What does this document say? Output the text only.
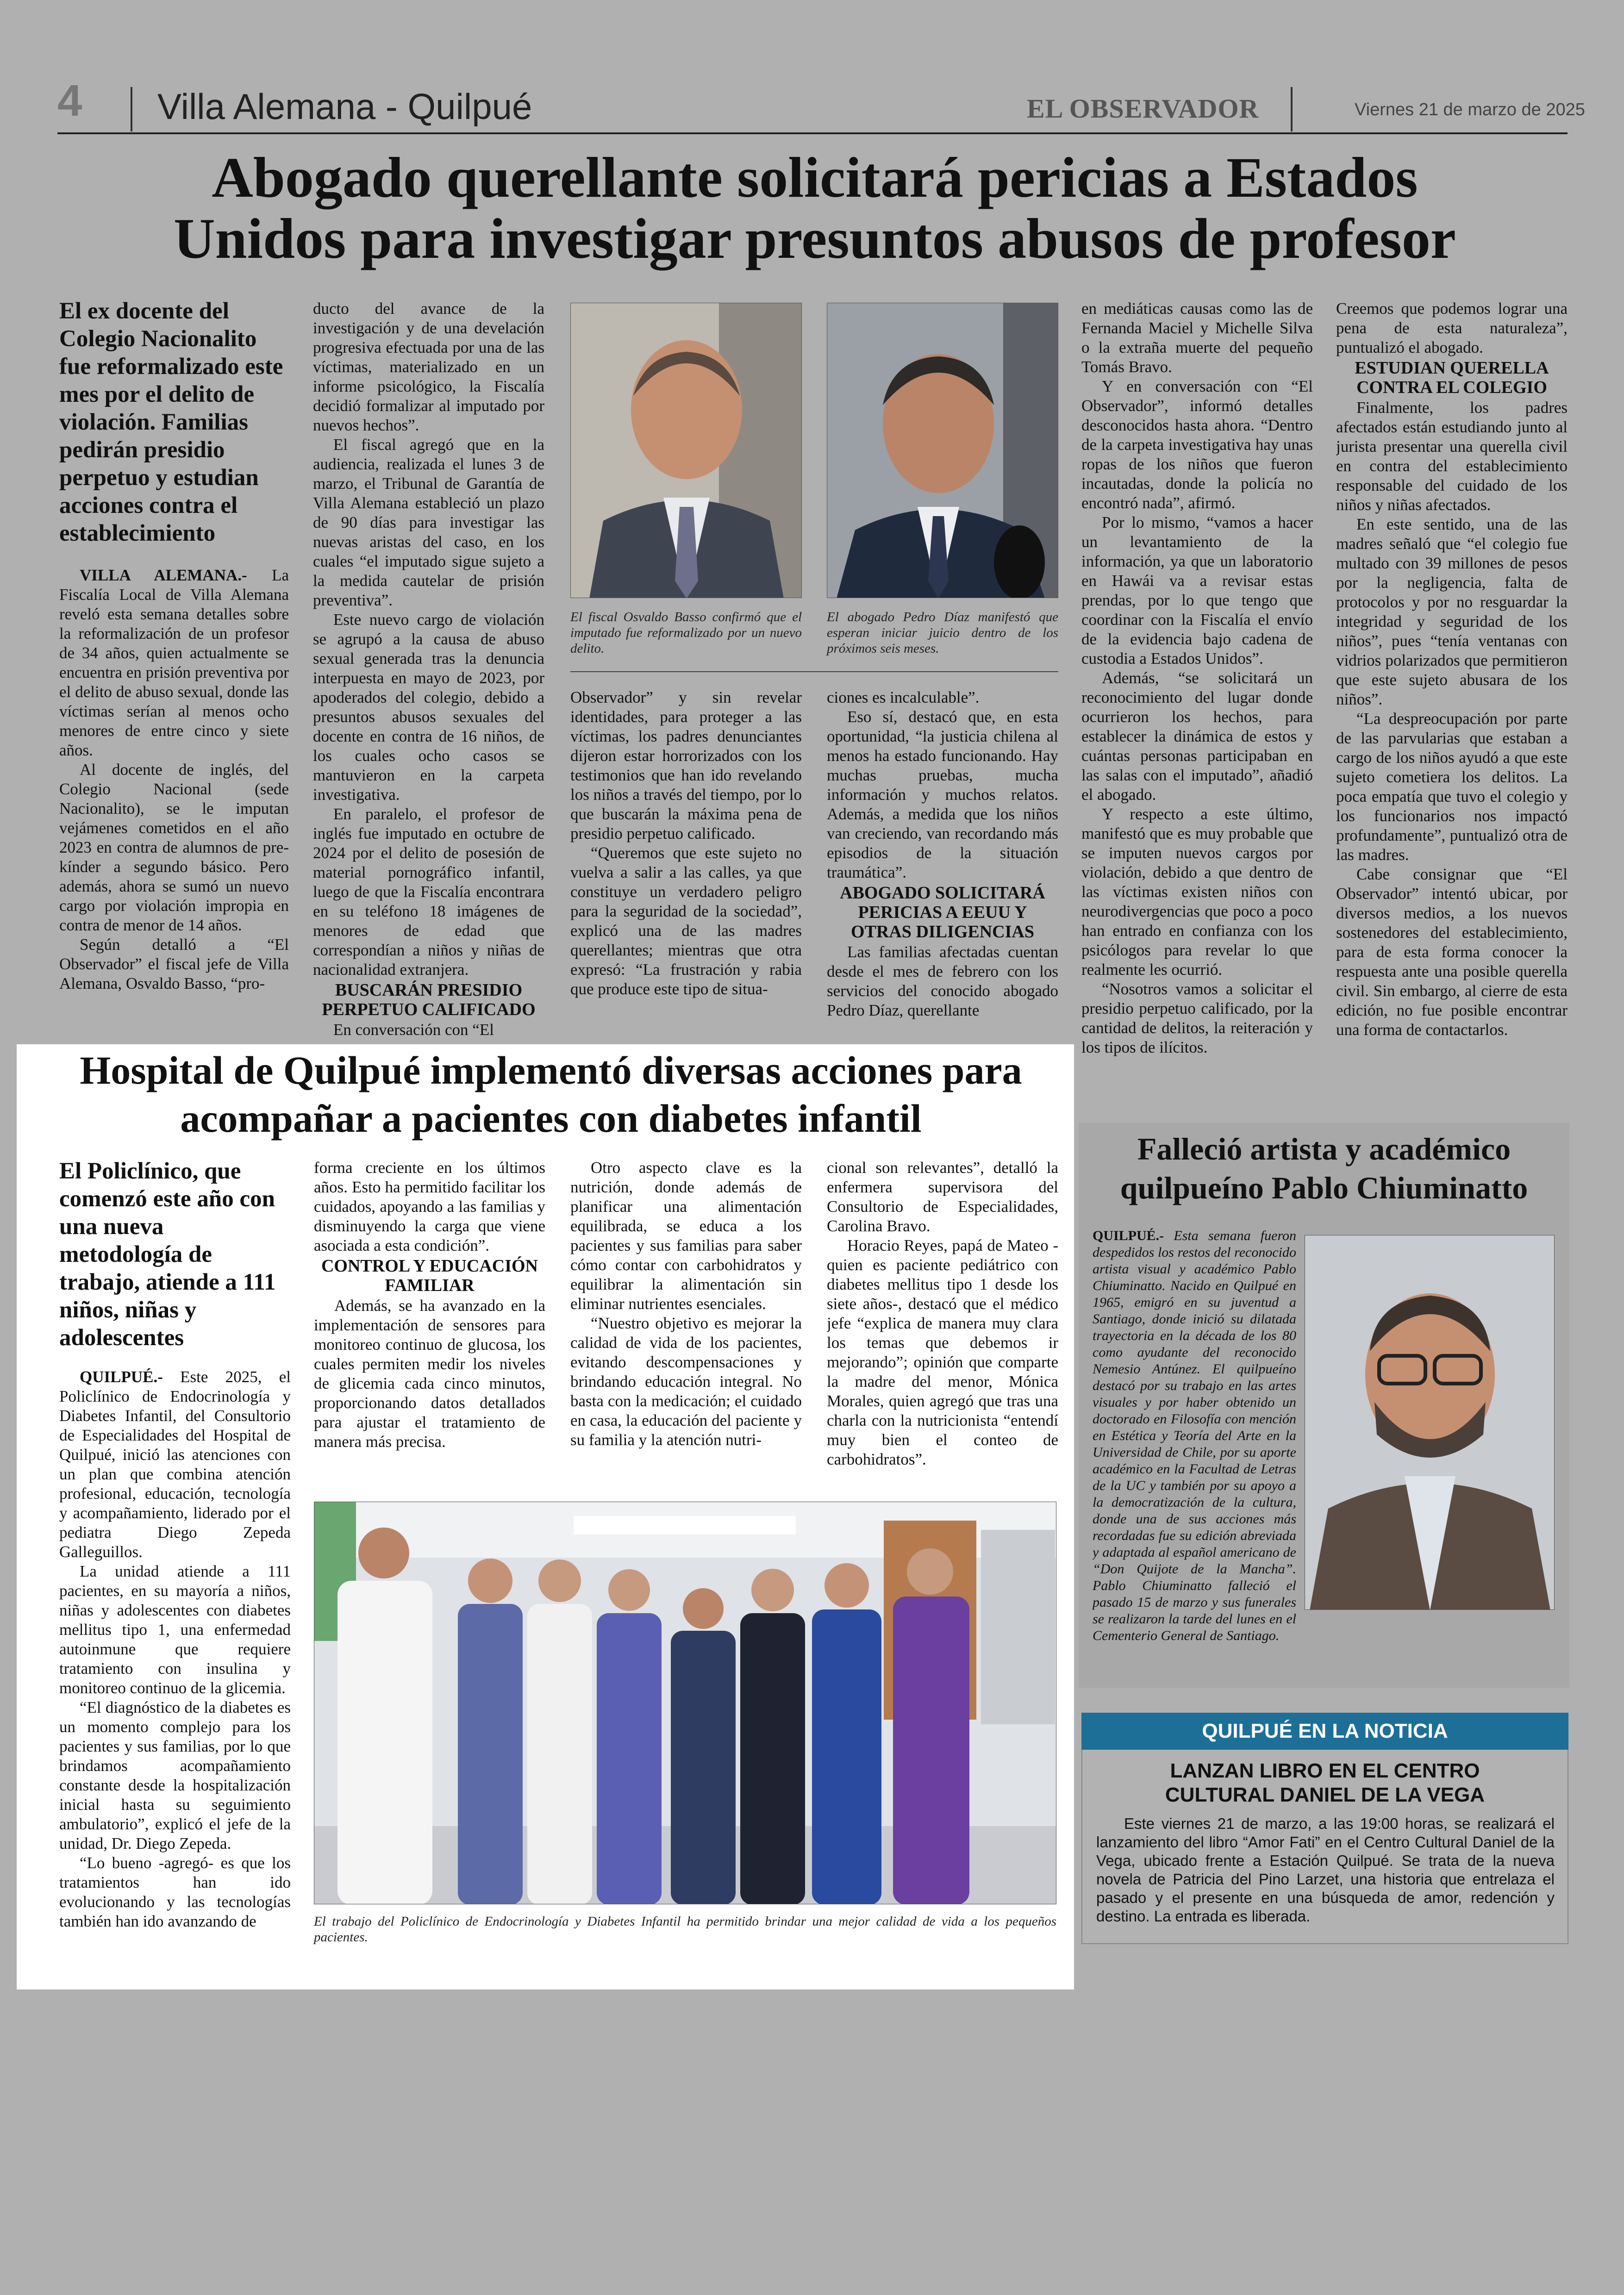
4 Villa Alemana - Quilpué	EL OBSERVADOR	Viernes 21 de marzo de 2025
Abogado querellante solicitará pericias a Estados Unidos para investigar presuntos abusos de profesor
El ex docente del Colegio Nacionalito fue reformalizado este mes por el delito de violación. Familias pedirán presidio perpetuo y estudian acciones contra el establecimiento

VILLA ALEMANA.- La Fiscalía Local de Villa Alemana reveló esta semana detalles sobre la reformalización de un profesor de 34 años, quien actualmente se encuentra en prisión preventiva por el delito de abuso sexual, donde las víctimas serían al menos ocho menores de entre cinco y siete años.

Al docente de inglés, del Colegio Nacional (sede Nacionalito), se le imputan vejámenes cometidos en el año 2023 en contra de alumnos de pre-kínder a segundo básico. Pero además, ahora se sumó un nuevo cargo por violación impropia en contra de menor de 14 años.

Según detalló a “El Observador” el fiscal jefe de Villa Alemana, Osvaldo Basso, “pro-

ducto del avance de la investigación y de una develación progresiva efectuada por una de las víctimas, materializado en un informe psicológico, la Fiscalía decidió formalizar al imputado por nuevos hechos”.

El fiscal agregó que en la audiencia, realizada el lunes 3 de marzo, el Tribunal de Garantía de Villa Alemana estableció un plazo de 90 días para investigar las nuevas aristas del caso, en los cuales “el imputado sigue sujeto a la medida cautelar de prisión preventiva”.

Este nuevo cargo de violación se agrupó a la causa de abuso sexual generada tras la denuncia interpuesta en mayo de 2023, por apoderados del colegio, debido a presuntos abusos sexuales del docente en contra de 16 niños, de los cuales ocho casos se mantuvieron en la carpeta investigativa.

En paralelo, el profesor de inglés fue imputado en octubre de 2024 por el delito de posesión de material pornográfico infantil, luego de que la Fiscalía encontrara en su teléfono 18 imágenes de menores de edad que correspondían a niños y niñas de nacionalidad extranjera.

BUSCARÁN PRESIDIO PERPETUO CALIFICADO

En conversación con “El

El fiscal Osvaldo Basso confirmó que el imputado fue reformalizado por un nuevo delito.
El abogado Pedro Díaz manifestó que esperan iniciar juicio dentro de los próximos seis meses.

Observador” y sin revelar identidades, para proteger a las víctimas, los padres denunciantes dijeron estar horrorizados con los testimonios que han ido revelando los niños a través del tiempo, por lo que buscarán la máxima pena de presidio perpetuo calificado.

“Queremos que este sujeto no vuelva a salir a las calles, ya que constituye un verdadero peligro para la seguridad de la sociedad”, explicó una de las madres querellantes; mientras que otra expresó: “La frustración y rabia que produce este tipo de situa-

ciones es incalculable”.

Eso sí, destacó que, en esta oportunidad, “la justicia chilena al menos ha estado funcionando. Hay muchas pruebas, mucha información y muchos relatos. Además, a medida que los niños van creciendo, van recordando más episodios de la situación traumática”.

ABOGADO SOLICITARÁ PERICIAS A EEUU Y OTRAS DILIGENCIAS

Las familias afectadas cuentan desde el mes de febrero con los servicios del conocido abogado Pedro Díaz, querellante

en mediáticas causas como las de Fernanda Maciel y Michelle Silva o la extraña muerte del pequeño Tomás Bravo.

Y en conversación con “El Observador”, informó detalles desconocidos hasta ahora. “Dentro de la carpeta investigativa hay unas ropas de los niños que fueron incautadas, donde la policía no encontró nada”, afirmó.

Por lo mismo, “vamos a hacer un levantamiento de la información, ya que un laboratorio en Hawái va a revisar estas prendas, por lo que tengo que coordinar con la Fiscalía el envío de la evidencia bajo cadena de custodia a Estados Unidos”.

Además, “se solicitará un reconocimiento del lugar donde ocurrieron los hechos, para establecer la dinámica de estos y cuántas personas participaban en las salas con el imputado”, añadió el abogado.

Y respecto a este último, manifestó que es muy probable que se imputen nuevos cargos por violación, debido a que dentro de las víctimas existen niños con neurodivergencias que poco a poco han entrado en confianza con los psicólogos para revelar lo que realmente les ocurrió.

“Nosotros vamos a solicitar el presidio perpetuo calificado, por la cantidad de delitos, la reiteración y los tipos de ilícitos.

Creemos que podemos lograr una pena de esta naturaleza”, puntualizó el abogado.

ESTUDIAN QUERELLA CONTRA EL COLEGIO

Finalmente, los padres afectados están estudiando junto al jurista presentar una querella civil en contra del establecimiento responsable del cuidado de los niños y niñas afectados.

En este sentido, una de las madres señaló que “el colegio fue multado con 39 millones de pesos por la negligencia, falta de protocolos y por no resguardar la integridad y seguridad de los niños”, pues “tenía ventanas con vidrios polarizados que permitieron que este sujeto abusara de los niños”.

“La despreocupación por parte de las parvularias que estaban a cargo de los niños ayudó a que este sujeto cometiera los delitos. La poca empatía que tuvo el colegio y los funcionarios nos impactó profundamente”, puntualizó otra de las madres.

Cabe consignar que “El Observador” intentó ubicar, por diversos medios, a los nuevos sostenedores del establecimiento, para de esta forma conocer la respuesta ante una posible querella civil. Sin embargo, al cierre de esta edición, no fue posible encontrar una forma de contactarlos.

Hospital de Quilpué implementó diversas acciones para acompañar a pacientes con diabetes infantil
El Policlínico, que comenzó este año con una nueva metodología de trabajo, atiende a 111 niños, niñas y adolescentes

QUILPUÉ.- Este 2025, el Policlínico de Endocrinología y Diabetes Infantil, del Consultorio de Especialidades del Hospital de Quilpué, inició las atenciones con un plan que combina atención profesional, educación, tecnología y acompañamiento, liderado por el pediatra Diego Zepeda Galleguillos.

La unidad atiende a 111 pacientes, en su mayoría a niños, niñas y adolescentes con diabetes mellitus tipo 1, una enfermedad autoinmune que requiere tratamiento con insulina y monitoreo continuo de la glicemia.

“El diagnóstico de la diabetes es un momento complejo para los pacientes y sus familias, por lo que brindamos acompañamiento constante desde la hospitalización inicial hasta su seguimiento ambulatorio”, explicó el jefe de la unidad, Dr. Diego Zepeda.

“Lo bueno -agregó- es que los tratamientos han ido evolucionando y las tecnologías también han ido avanzando de

forma creciente en los últimos años. Esto ha permitido facilitar los cuidados, apoyando a las familias y disminuyendo la carga que viene asociada a esta condición”.

CONTROL Y EDUCACIÓN FAMILIAR

Además, se ha avanzado en la implementación de sensores para monitoreo continuo de glucosa, los cuales permiten medir los niveles de glicemia cada cinco minutos, proporcionando datos detallados para ajustar el tratamiento de manera más precisa.

Otro aspecto clave es la nutrición, donde además de planificar una alimentación equilibrada, se educa a los pacientes y sus familias para saber cómo contar con carbohidratos y equilibrar la alimentación sin eliminar nutrientes esenciales.

“Nuestro objetivo es mejorar la calidad de vida de los pacientes, evitando descompensaciones y brindando educación integral. No basta con la medicación; el cuidado en casa, la educación del paciente y su familia y la atención nutri-

cional son relevantes”, detalló la enfermera supervisora del Consultorio de Especialidades, Carolina Bravo.

Horacio Reyes, papá de Mateo -quien es paciente pediátrico con diabetes mellitus tipo 1 desde los siete años-, destacó que el médico jefe “explica de manera muy clara los temas que debemos ir mejorando”; opinión que comparte la madre del menor, Mónica Morales, quien agregó que tras una charla con la nutricionista “entendí muy bien el conteo de carbohidratos”.

El trabajo del Policlínico de Endocrinología y Diabetes Infantil ha permitido brindar una mejor calidad de vida a los pequeños pacientes.
Falleció artista y académico quilpueíno Pablo Chiuminatto

QUILPUÉ.- Esta semana fueron despedidos los restos del reconocido artista visual y académico Pablo Chiuminatto. Nacido en Quilpué en 1965, emigró en su juventud a Santiago, donde inició su dilatada trayectoria en la década de los 80 como ayudante del reconocido Nemesio Antúnez. El quilpueíno destacó por su trabajo en las artes visuales y por haber obtenido un doctorado en Filosofía con mención en Estética y Teoría del Arte en la Universidad de Chile, por su aporte académico en la Facultad de Letras de la UC y también por su apoyo a la democratización de la cultura, donde una de sus acciones más recordadas fue su edición abreviada y adaptada al español americano de “Don Quijote de la Mancha”. Pablo Chiuminatto falleció el pasado 15 de marzo y sus funerales se realizaron la tarde del lunes en el Cementerio General de Santiago.

QUILPUÉ EN LA NOTICIA
LANZAN LIBRO EN EL CENTRO CULTURAL DANIEL DE LA VEGA
Este viernes 21 de marzo, a las 19:00 horas, se realizará el lanzamiento del libro “Amor Fati” en el Centro Cultural Daniel de la Vega, ubicado frente a Estación Quilpué. Se trata de la nueva novela de Patricia del Pino Larzet, una historia que entrelaza el pasado y el presente en una búsqueda de amor, redención y destino. La entrada es liberada.
